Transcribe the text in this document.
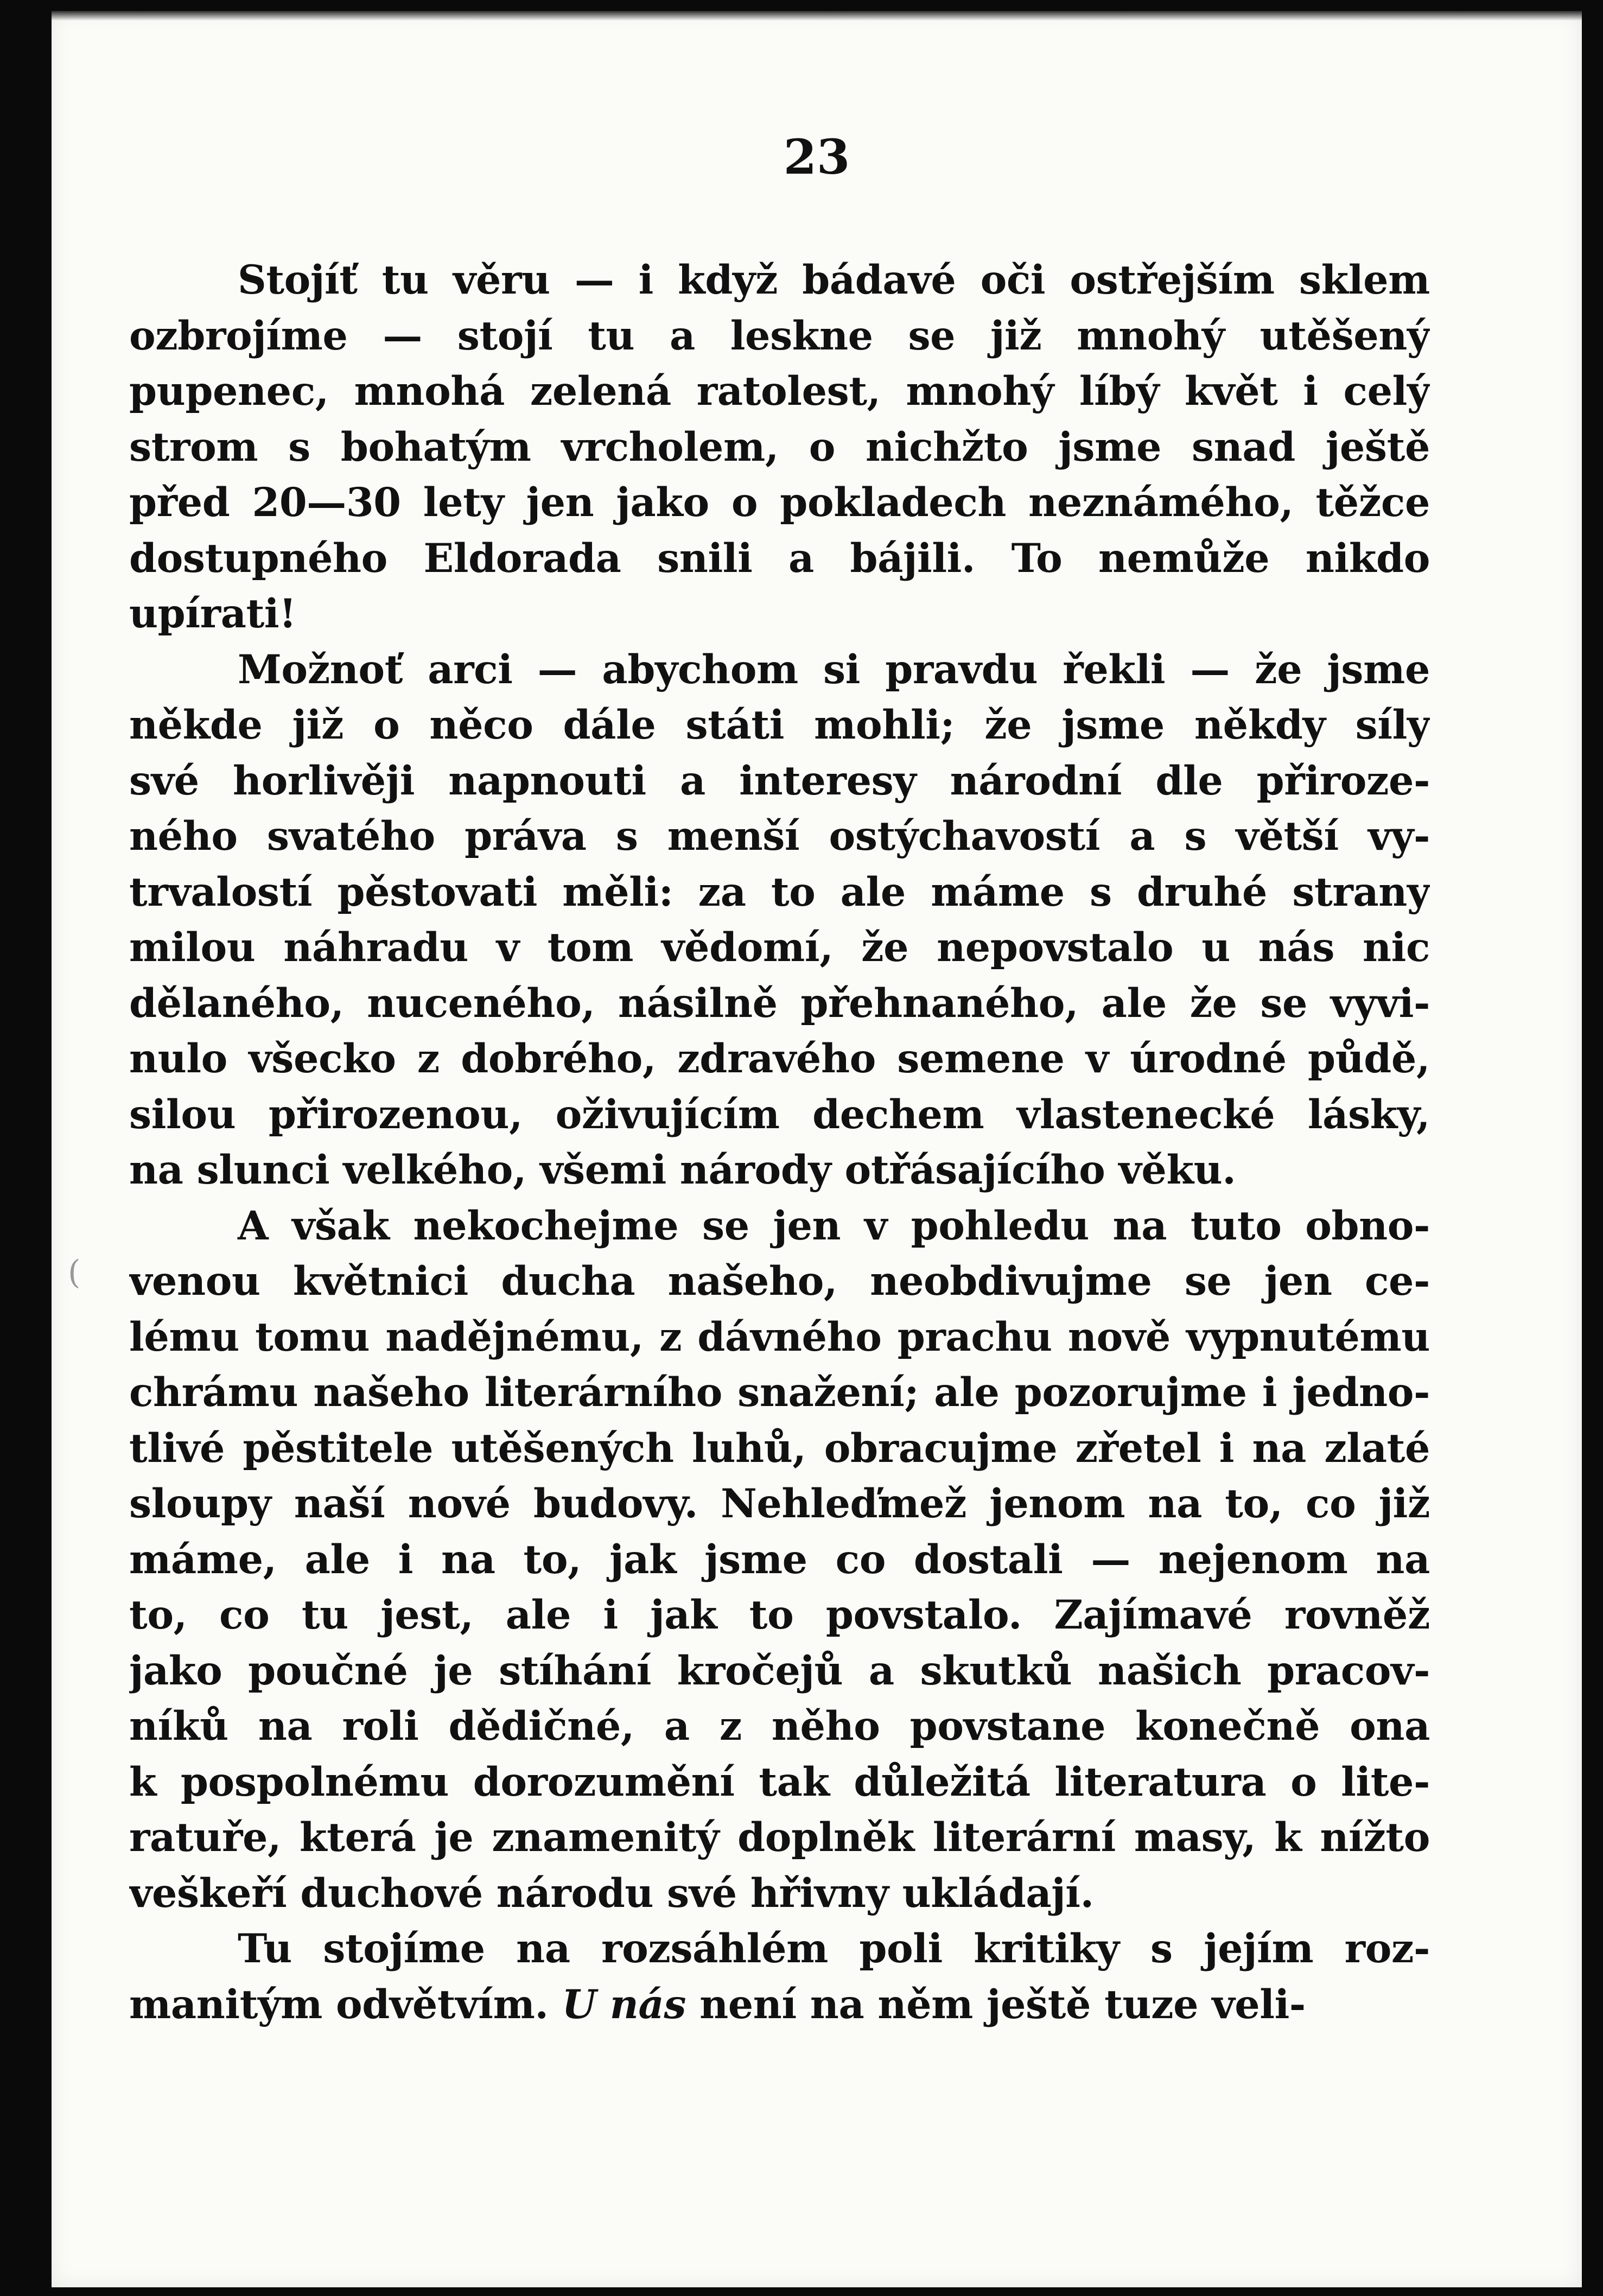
23
Stojíť tu věru — i když bádavé oči ostřejším sklem
ozbrojíme — stojí tu a leskne se již mnohý utěšený
pupenec, mnohá zelená ratolest, mnohý líbý květ i celý
strom s bohatým vrcholem, o nichžto jsme snad ještě
před 20—30 lety jen jako o pokladech neznámého, těžce
dostupného Eldorada snili a bájili. To nemůže nikdo
upírati!
Možnoť arci — abychom si pravdu řekli — že jsme
někde již o něco dále státi mohli; že jsme někdy síly
své horlivěji napnouti a interesy národní dle přiroze-
ného svatého práva s menší ostýchavostí a s větší vy-
trvalostí pěstovati měli: za to ale máme s druhé strany
milou náhradu v tom vědomí, že nepovstalo u nás nic
dělaného, nuceného, násilně přehnaného, ale že se vyvi-
nulo všecko z dobrého, zdravého semene v úrodné půdě,
silou přirozenou, oživujícím dechem vlastenecké lásky,
na slunci velkého, všemi národy otřásajícího věku.
A však nekochejme se jen v pohledu na tuto obno-
venou květnici ducha našeho, neobdivujme se jen ce-
lému tomu nadějnému, z dávného prachu nově vypnutému
chrámu našeho literárního snažení; ale pozorujme i jedno-
tlivé pěstitele utěšených luhů, obracujme zřetel i na zlaté
sloupy naší nové budovy. Nehleďmež jenom na to, co již
máme, ale i na to, jak jsme co dostali — nejenom na
to, co tu jest, ale i jak to povstalo. Zajímavé rovněž
jako poučné je stíhání kročejů a skutků našich pracov-
níků na roli dědičné, a z něho povstane konečně ona
k pospolnému dorozumění tak důležitá literatura o lite-
ratuře, která je znamenitý doplněk literární masy, k nížto
veškeří duchové národu své hřivny ukládají.
Tu stojíme na rozsáhlém poli kritiky s jejím roz-
manitým odvětvím. U nás není na něm ještě tuze veli-
(
